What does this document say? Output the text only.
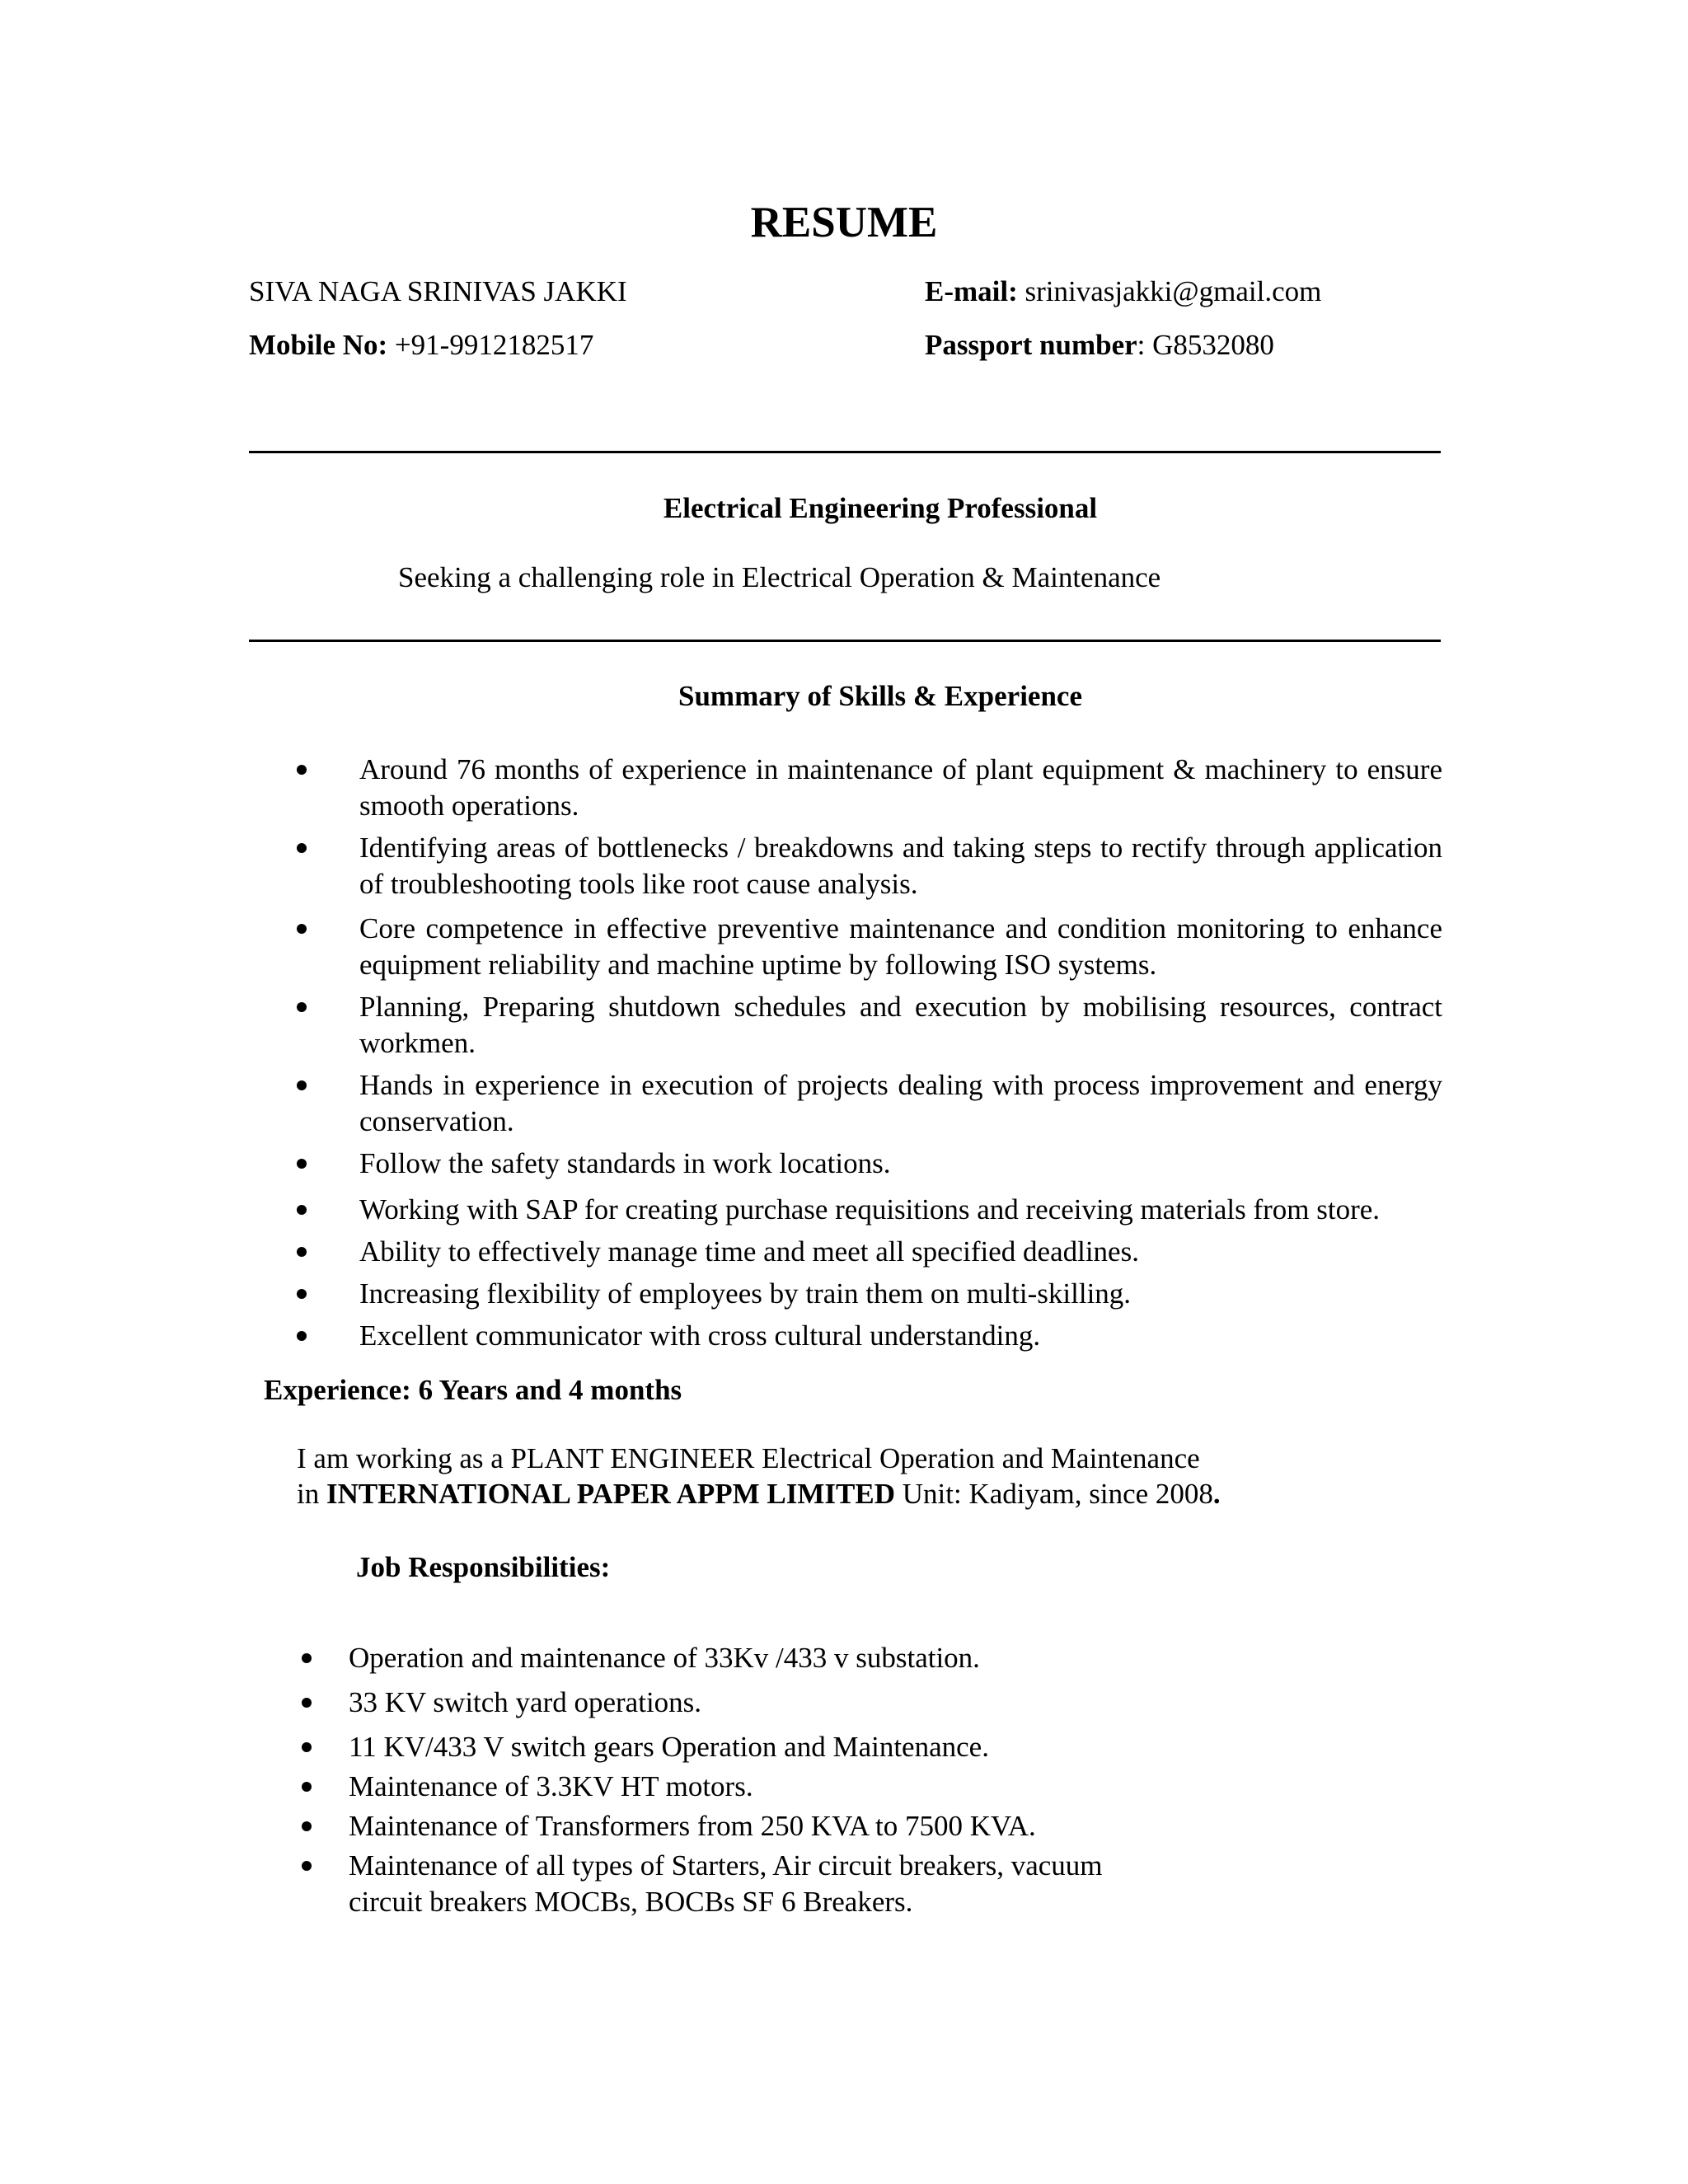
RESUME
SIVA NAGA SRINIVAS JAKKI	E-mail: srinivasjakki@gmail.com
Mobile No: +91-9912182517	Passport number: G8532080
Electrical Engineering Professional
Seeking a challenging role in Electrical Operation & Maintenance
Summary of Skills & Experience
Around 76 months of experience in maintenance of plant equipment & machinery to ensure smooth operations.
Identifying areas of bottlenecks / breakdowns and taking steps to rectify through application of troubleshooting tools like root cause analysis.
Core competence in effective preventive maintenance and condition monitoring to enhance equipment reliability and machine uptime by following ISO systems.
Planning, Preparing shutdown schedules and execution by mobilising resources, contract workmen.
Hands in experience in execution of projects dealing with process improvement and energy conservation.
Follow the safety standards in work locations.
Working with SAP for creating purchase requisitions and receiving materials from store.
Ability to effectively manage time and meet all specified deadlines.
Increasing flexibility of employees by train them on multi-skilling.
Excellent communicator with cross cultural understanding.
Experience: 6 Years and 4 months
I am working as a PLANT ENGINEER Electrical Operation and Maintenance
in INTERNATIONAL PAPER APPM LIMITED Unit: Kadiyam, since 2008.
Job Responsibilities:
Operation and maintenance of 33Kv /433 v substation.
33 KV switch yard operations.
11 KV/433 V switch gears Operation and Maintenance.
Maintenance of 3.3KV HT motors.
Maintenance of Transformers from 250 KVA to 7500 KVA.
Maintenance of all types of Starters, Air circuit breakers, vacuum circuit breakers MOCBs, BOCBs SF 6 Breakers.
